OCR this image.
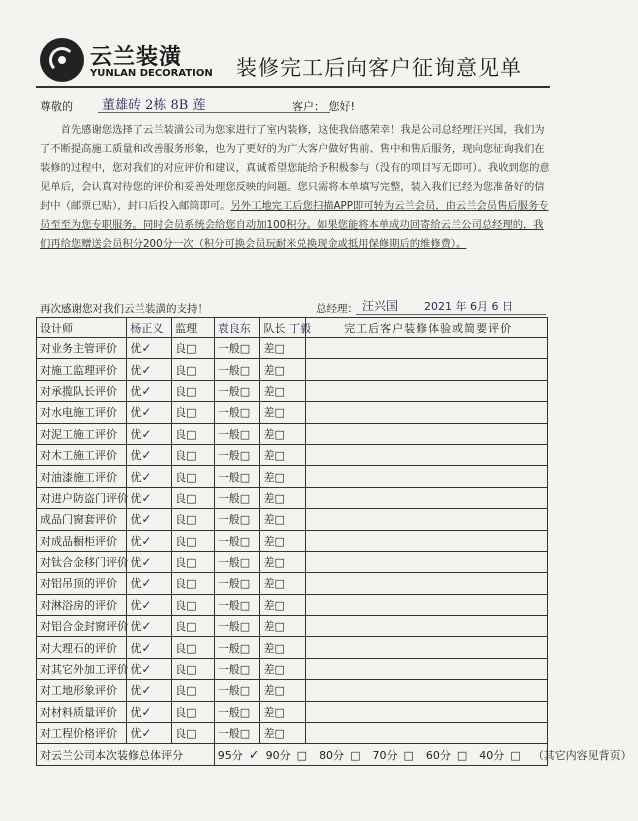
云兰装潢
YUNLAN DECORATION 装修完工后向客户征询意见单
尊敬的 董雄砖 2栋 8B 莲	客户： 您好!

首先感谢您选择了云兰装潢公司为您家进行了室内装修，这使我倍感荣幸！我是公司总经理汪兴国，我们为了不断提高施工质量和改善服务形象，也为了更好的为广大客户做好售前、售中和售后服务，现向您征询我们在装修的过程中，您对我们的对应评价和建议，真诚希望您能给予积极参与（没有的项目写无即可）。我收到您的意见单后，会认真对待您的评价和妥善处理您反映的问题。您只需将本单填写完整，装入我们已经为您准备好的信封中（邮票已贴），封口后投入邮筒即可。另外工地完工后您扫描APP即可转为云兰会员，由云兰会员售后服务专员至至为您专职服务。同时会员系统会给您自动加100积分。如果您能将本单成功回寄给云兰公司总经理的，我们再给您赠送会员积分200分一次（积分可换会员玩耐米兑换现金或抵用保修期后的维修费）。

再次感谢您对我们云兰装潢的支持！	总经理： 汪兴国 2021 年 6月 6 日
设计师	杨正义	监理	袁良东	队长 丁毅	完工后客户装修体验或简要评价
对业务主管评价	优✓	良□	一般□	差□	
对施工监理评价	优✓	良□	一般□	差□	
对承揽队长评价	优✓	良□	一般□	差□	
对水电施工评价	优✓	良□	一般□	差□	
对泥工施工评价	优✓	良□	一般□	差□	
对木工施工评价	优✓	良□	一般□	差□	
对油漆施工评价	优✓	良□	一般□	差□	
对进户防盗门评价	优✓	良□	一般□	差□	
成品门窗套评价	优✓	良□	一般□	差□	
对成品橱柜评价	优✓	良□	一般□	差□	
对钛合金移门评价	优✓	良□	一般□	差□	
对铝吊顶的评价	优✓	良□	一般□	差□	
对淋浴房的评价	优✓	良□	一般□	差□	
对铝合金封窗评价	优✓	良□	一般□	差□	
对大理石的评价	优✓	良□	一般□	差□	
对其它外加工评价	优✓	良□	一般□	差□	
对工地形象评价	优✓	良□	一般□	差□	
对材料质量评价	优✓	良□	一般□	差□	
对工程价格评价	优✓	良□	一般□	差□	
对云兰公司本次装修总体评分			95分 ✓ 90分 □ 80分 □ 70分 □ 60分 □ 40分 □ （其它内容见背页）		
